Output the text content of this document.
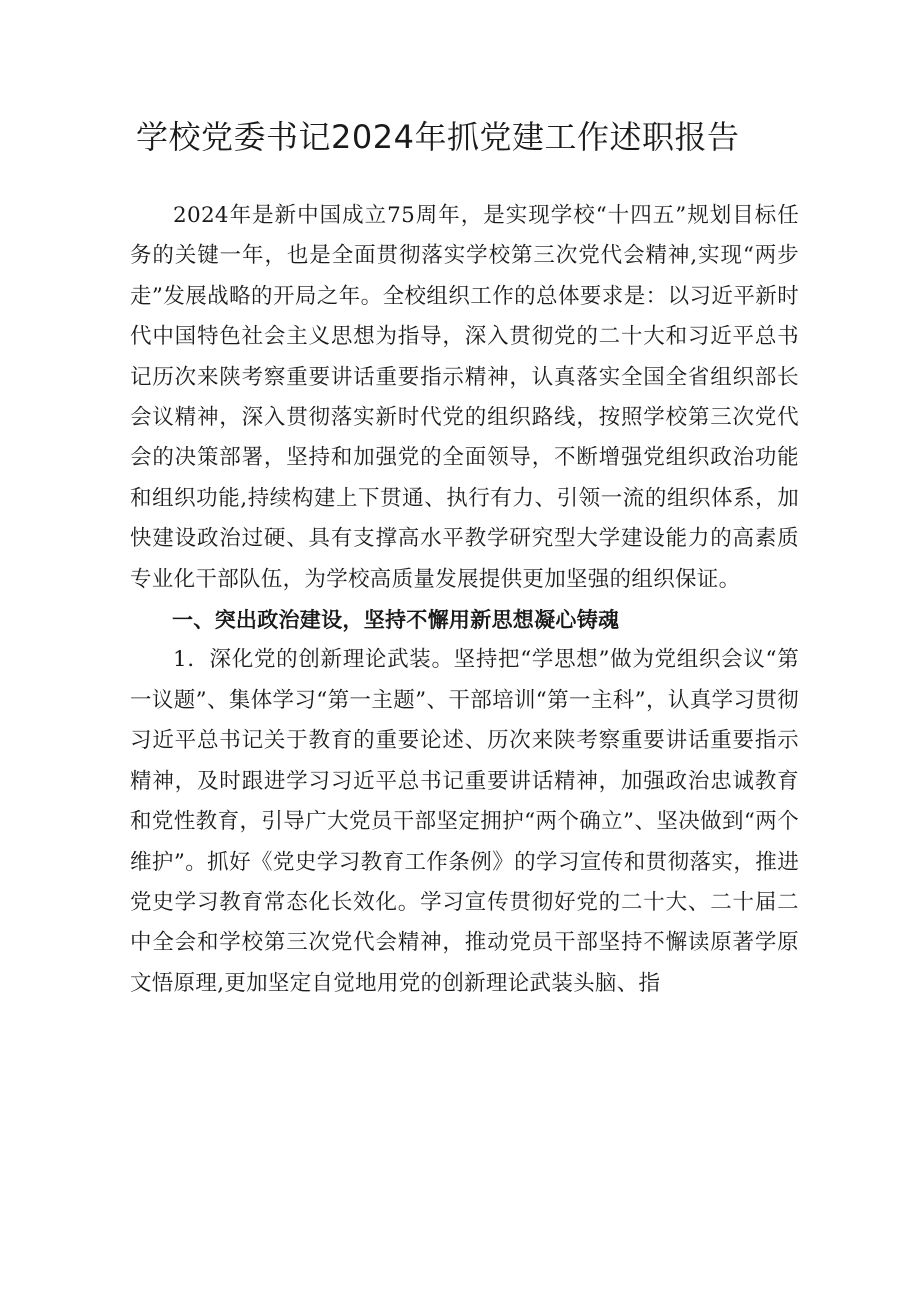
学校党委书记2024年抓党建工作述职报告

2024年是新中国成立75周年，是实现学校“十四五”规划目标任务的关键一年，也是全面贯彻落实学校第三次党代会精神,实现“两步走”发展战略的开局之年。全校组织工作的总体要求是：以习近平新时代中国特色社会主义思想为指导，深入贯彻党的二十大和习近平总书记历次来陕考察重要讲话重要指示精神，认真落实全国全省组织部长会议精神，深入贯彻落实新时代党的组织路线，按照学校第三次党代会的决策部署，坚持和加强党的全面领导，不断增强党组织政治功能和组织功能,持续构建上下贯通、执行有力、引领一流的组织体系，加快建设政治过硬、具有支撑高水平教学研究型大学建设能力的高素质专业化干部队伍，为学校高质量发展提供更加坚强的组织保证。

一、突出政治建设，坚持不懈用新思想凝心铸魂

1．深化党的创新理论武装。坚持把“学思想”做为党组织会议“第一议题”、集体学习“第一主题”、干部培训“第一主科”，认真学习贯彻习近平总书记关于教育的重要论述、历次来陕考察重要讲话重要指示精神，及时跟进学习习近平总书记重要讲话精神，加强政治忠诚教育和党性教育，引导广大党员干部坚定拥护“两个确立”、坚决做到“两个维护”。抓好《党史学习教育工作条例》的学习宣传和贯彻落实，推进党史学习教育常态化长效化。学习宣传贯彻好党的二十大、二十届二中全会和学校第三次党代会精神，推动党员干部坚持不懈读原著学原文悟原理,更加坚定自觉地用党的创新理论武装头脑、指
